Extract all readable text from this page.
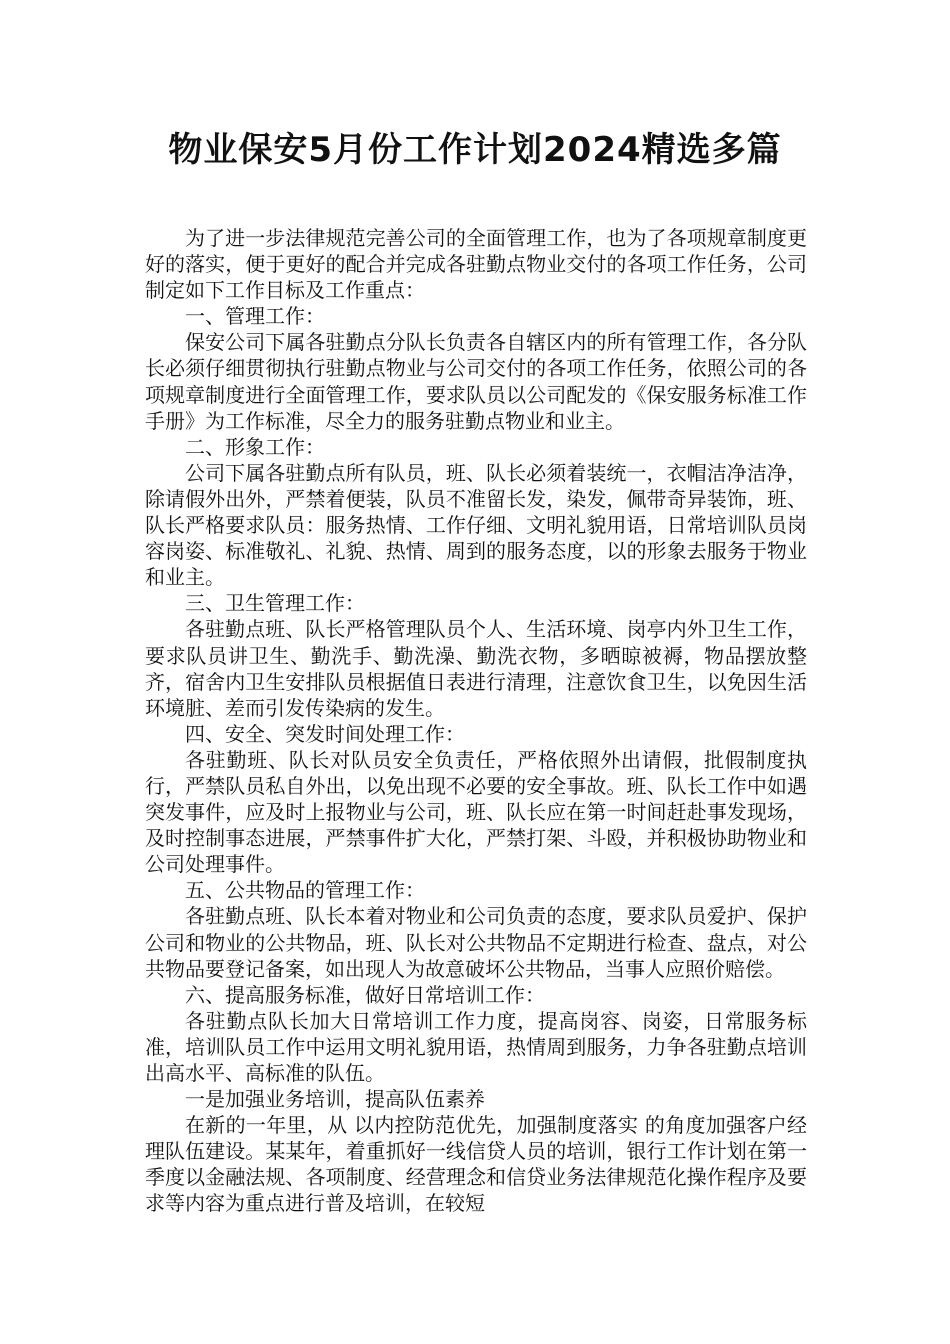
物业保安5月份工作计划2024精选多篇

为了进一步法律规范完善公司的全面管理工作，也为了各项规章制度更好的落实，便于更好的配合并完成各驻勤点物业交付的各项工作任务，公司制定如下工作目标及工作重点：

一、管理工作：

保安公司下属各驻勤点分队长负责各自辖区内的所有管理工作，各分队长必须仔细贯彻执行驻勤点物业与公司交付的各项工作任务，依照公司的各项规章制度进行全面管理工作，要求队员以公司配发的《保安服务标准工作手册》为工作标准，尽全力的服务驻勤点物业和业主。

二、形象工作：

公司下属各驻勤点所有队员，班、队长必须着装统一，衣帽洁净洁净，除请假外出外，严禁着便装，队员不准留长发，染发，佩带奇异装饰，班、队长严格要求队员：服务热情、工作仔细、文明礼貌用语，日常培训队员岗容岗姿、标准敬礼、礼貌、热情、周到的服务态度，以的形象去服务于物业和业主。

三、卫生管理工作：

各驻勤点班、队长严格管理队员个人、生活环境、岗亭内外卫生工作，要求队员讲卫生、勤洗手、勤洗澡、勤洗衣物，多晒晾被褥，物品摆放整齐，宿舍内卫生安排队员根据值日表进行清理，注意饮食卫生，以免因生活环境脏、差而引发传染病的发生。

四、安全、突发时间处理工作：

各驻勤班、队长对队员安全负责任，严格依照外出请假，批假制度执行，严禁队员私自外出，以免出现不必要的安全事故。班、队长工作中如遇突发事件，应及时上报物业与公司，班、队长应在第一时间赶赴事发现场，及时控制事态进展，严禁事件扩大化，严禁打架、斗殴，并积极协助物业和公司处理事件。

五、公共物品的管理工作：

各驻勤点班、队长本着对物业和公司负责的态度，要求队员爱护、保护公司和物业的公共物品，班、队长对公共物品不定期进行检查、盘点，对公共物品要登记备案，如出现人为故意破坏公共物品，当事人应照价赔偿。

六、提高服务标准，做好日常培训工作：

各驻勤点队长加大日常培训工作力度，提高岗容、岗姿，日常服务标准，培训队员工作中运用文明礼貌用语，热情周到服务，力争各驻勤点培训出高水平、高标准的队伍。

一是加强业务培训，提高队伍素养

在新的一年里，从 以内控防范优先，加强制度落实 的角度加强客户经理队伍建设。某某年，着重抓好一线信贷人员的培训，银行工作计划在第一季度以金融法规、各项制度、经营理念和信贷业务法律规范化操作程序及要求等内容为重点进行普及培训，在较短
